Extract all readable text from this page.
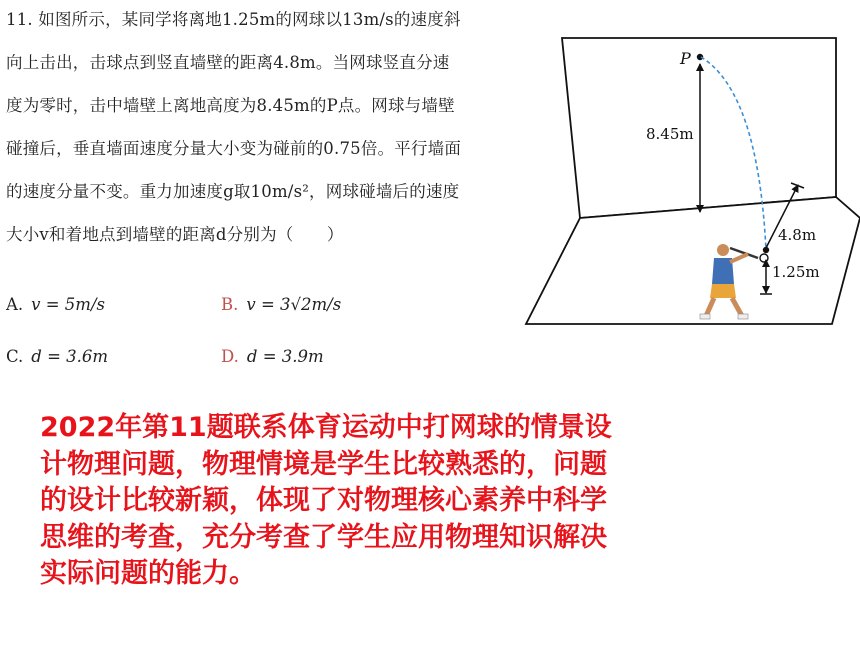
11. 如图所示，某同学将离地1.25m的网球以13m/s的速度斜
向上击出，击球点到竖直墙壁的距离4.8m。当网球竖直分速
度为零时，击中墙壁上离地高度为8.45m的P点。网球与墙壁
碰撞后，垂直墙面速度分量大小变为碰前的0.75倍。平行墙面
的速度分量不变。重力加速度g取10m/s²，网球碰墙后的速度
大小v和着地点到墙壁的距离d分别为（　　）
A. v = 5m/s	B. v = 3√2m/s
C. d = 3.6m	D. d = 3.9m
P
8.45m
4.8m
1.25m
2022年第11题联系体育运动中打网球的情景设
计物理问题，物理情境是学生比较熟悉的，问题
的设计比较新颖，体现了对物理核心素养中科学
思维的考查，充分考查了学生应用物理知识解决
实际问题的能力。
